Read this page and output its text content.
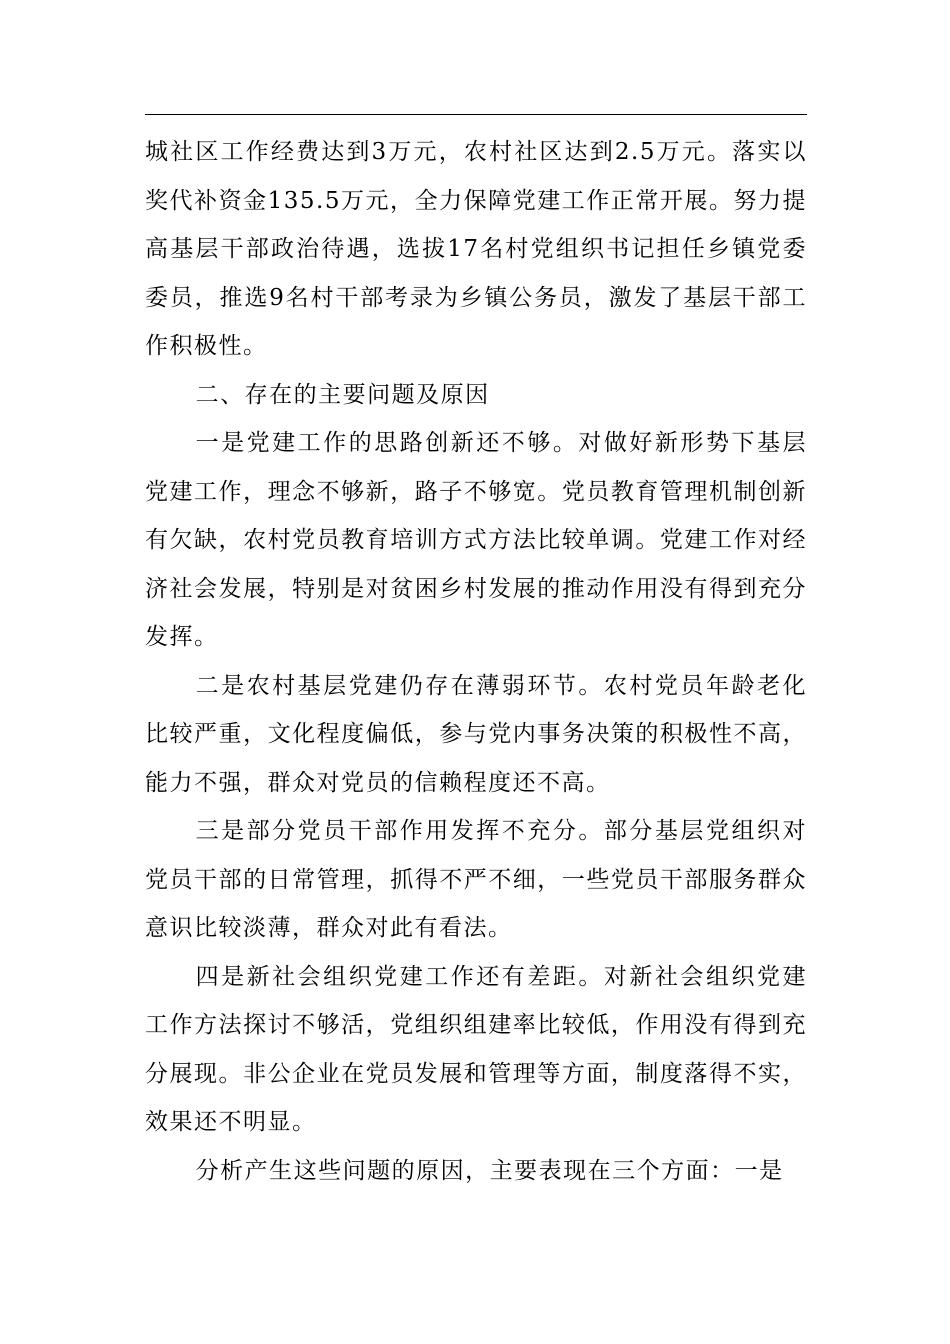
城社区工作经费达到3万元，农村社区达到2.5万元。落实以奖代补资金135.5万元，全力保障党建工作正常开展。努力提高基层干部政治待遇，选拔17名村党组织书记担任乡镇党委委员，推选9名村干部考录为乡镇公务员，激发了基层干部工作积极性。

二、存在的主要问题及原因

一是党建工作的思路创新还不够。对做好新形势下基层党建工作，理念不够新，路子不够宽。党员教育管理机制创新有欠缺，农村党员教育培训方式方法比较单调。党建工作对经济社会发展，特别是对贫困乡村发展的推动作用没有得到充分发挥。

二是农村基层党建仍存在薄弱环节。农村党员年龄老化比较严重，文化程度偏低，参与党内事务决策的积极性不高，能力不强，群众对党员的信赖程度还不高。

三是部分党员干部作用发挥不充分。部分基层党组织对党员干部的日常管理，抓得不严不细，一些党员干部服务群众意识比较淡薄，群众对此有看法。

四是新社会组织党建工作还有差距。对新社会组织党建工作方法探讨不够活，党组织组建率比较低，作用没有得到充分展现。非公企业在党员发展和管理等方面，制度落得不实，效果还不明显。

分析产生这些问题的原因，主要表现在三个方面：一是
